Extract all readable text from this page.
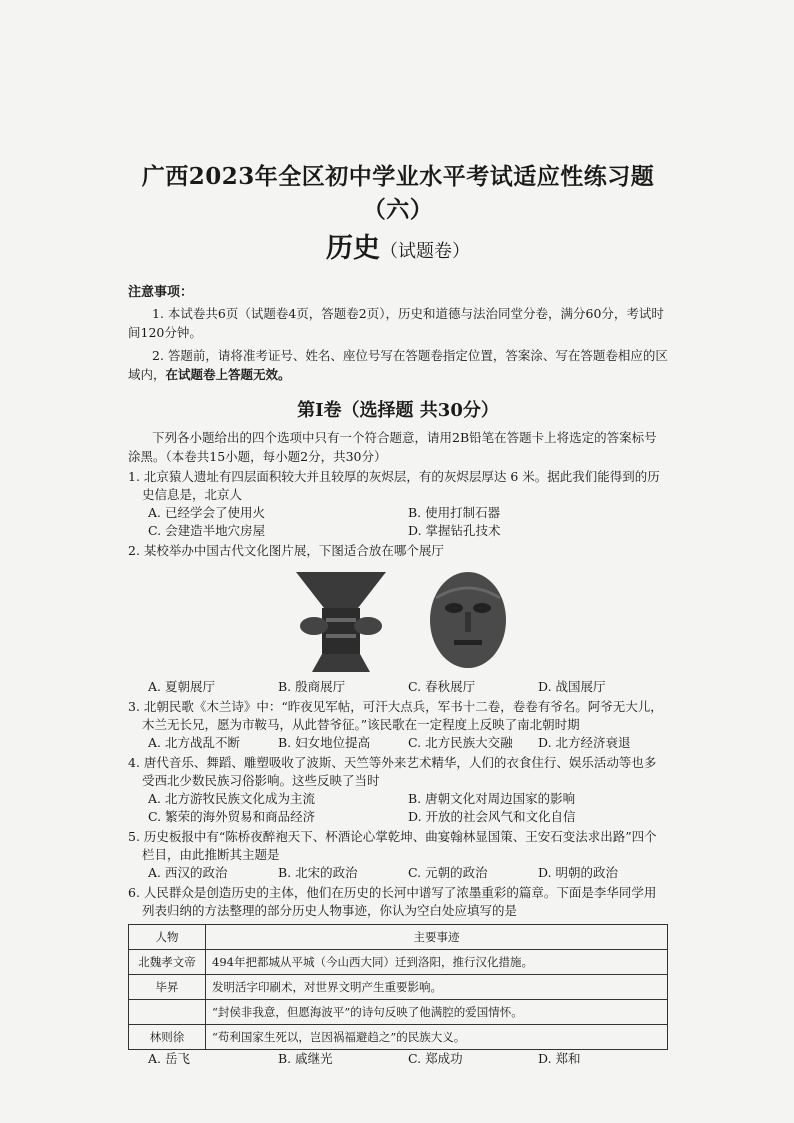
广西2023年全区初中学业水平考试适应性练习题（六）
历史（试题卷）
注意事项：

1. 本试卷共6页（试题卷4页，答题卷2页），历史和道德与法治同堂分卷，满分60分，考试时间120分钟。

2. 答题前，请将准考证号、姓名、座位号写在答题卷指定位置，答案涂、写在答题卷相应的区域内，在试题卷上答题无效。

第Ⅰ卷（选择题 共30分）
下列各小题给出的四个选项中只有一个符合题意，请用2B铅笔在答题卡上将选定的答案标号涂黑。（本卷共15小题，每小题2分，共30分）
1. 北京猿人遗址有四层面积较大并且较厚的灰烬层，有的灰烬层厚达 6 米。据此我们能得到的历史信息是，北京人
A. 已经学会了使用火	B. 使用打制石器
C. 会建造半地穴房屋	D. 掌握钻孔技术
2. 某校举办中国古代文化图片展，下图适合放在哪个展厅
A. 夏朝展厅	B. 殷商展厅	C. 春秋展厅	D. 战国展厅
3. 北朝民歌《木兰诗》中：“昨夜见军帖，可汗大点兵，军书十二卷，卷卷有爷名。阿爷无大儿，木兰无长兄，愿为市鞍马，从此替爷征。”该民歌在一定程度上反映了南北朝时期
A. 北方战乱不断	B. 妇女地位提高	C. 北方民族大交融	D. 北方经济衰退
4. 唐代音乐、舞蹈、雕塑吸收了波斯、天竺等外来艺术精华，人们的衣食住行、娱乐活动等也多受西北少数民族习俗影响。这些反映了当时
A. 北方游牧民族文化成为主流	B. 唐朝文化对周边国家的影响
C. 繁荣的海外贸易和商品经济	D. 开放的社会风气和文化自信
5. 历史板报中有“陈桥夜醉袍天下、杯酒论心掌乾坤、曲宴翰林显国策、王安石变法求出路”四个栏目，由此推断其主题是
A. 西汉的政治	B. 北宋的政治	C. 元朝的政治	D. 明朝的政治
6. 人民群众是创造历史的主体，他们在历史的长河中谱写了浓墨重彩的篇章。下面是李华同学用列表归纳的方法整理的部分历史人物事迹，你认为空白处应填写的是
人物	主要事迹
北魏孝文帝	494年把都城从平城（今山西大同）迁到洛阳，推行汉化措施。
毕昇	发明活字印刷术，对世界文明产生重要影响。
	“封侯非我意，但愿海波平”的诗句反映了他满腔的爱国情怀。
林则徐	“苟利国家生死以，岂因祸福避趋之”的民族大义。
A. 岳飞	B. 戚继光	C. 郑成功	D. 郑和
